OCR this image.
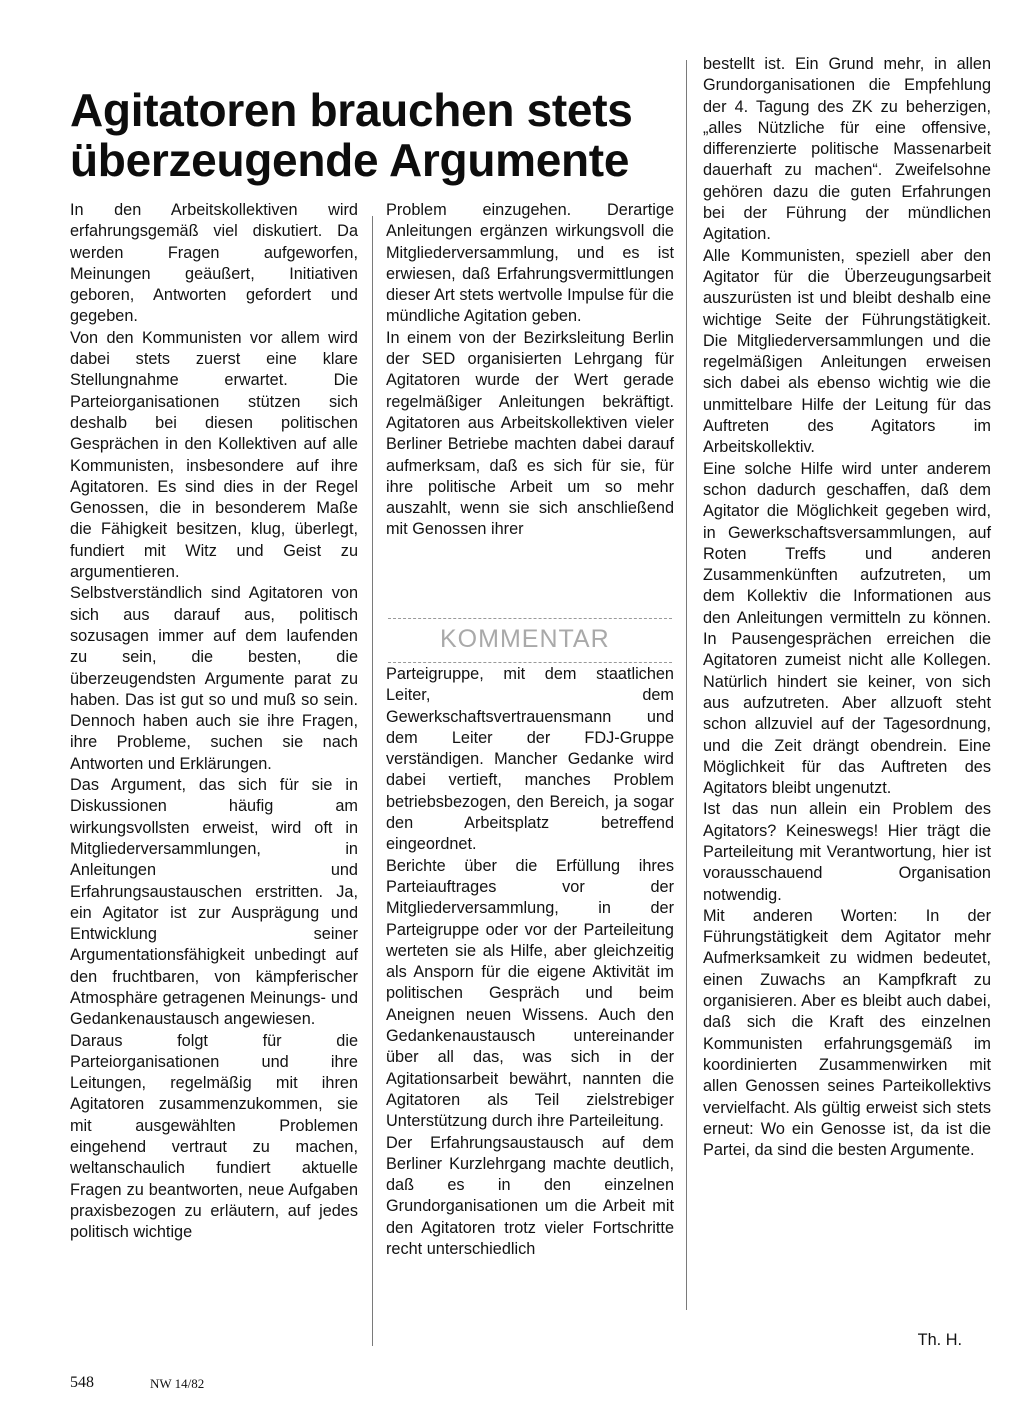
Agitatoren brauchen stets
überzeugende Argumente

In den Arbeitskollektiven wird erfahrungsgemäß viel diskutiert. Da werden Fragen aufgeworfen, Meinungen geäußert, Initiativen geboren, Antworten gefordert und gegeben.

Von den Kommunisten vor allem wird dabei stets zuerst eine klare Stellungnahme erwartet. Die Parteiorganisationen stützen sich deshalb bei diesen politischen Gesprächen in den Kollektiven auf alle Kommunisten, insbesondere auf ihre Agitatoren. Es sind dies in der Regel Genossen, die in besonderem Maße die Fähigkeit besitzen, klug, überlegt, fundiert mit Witz und Geist zu argumentieren.

Selbstverständlich sind Agitatoren von sich aus darauf aus, politisch sozusagen immer auf dem laufenden zu sein, die besten, die überzeugendsten Argumente parat zu haben. Das ist gut so und muß so sein. Dennoch haben auch sie ihre Fragen, ihre Probleme, suchen sie nach Antworten und Erklärungen.

Das Argument, das sich für sie in Diskussionen häufig am wirkungsvollsten erweist, wird oft in Mitgliederversammlungen, in Anleitungen und Erfahrungsaustauschen erstritten. Ja, ein Agitator ist zur Ausprägung und Entwicklung seiner Argumentationsfähigkeit unbedingt auf den fruchtbaren, von kämpferischer Atmosphäre getragenen Meinungs- und Gedankenaustausch angewiesen.

Daraus folgt für die Parteiorganisationen und ihre Leitungen, regelmäßig mit ihren Agitatoren zusammenzukommen, sie mit ausgewählten Problemen eingehend vertraut zu machen, weltanschaulich fundiert aktuelle Fragen zu beantworten, neue Aufgaben praxisbezogen zu erläutern, auf jedes politisch wichtige

Problem einzugehen. Derartige Anleitungen ergänzen wirkungsvoll die Mitgliederversammlung, und es ist erwiesen, daß Erfahrungsvermittlungen dieser Art stets wertvolle Impulse für die mündliche Agitation geben.

In einem von der Bezirksleitung Berlin der SED organisierten Lehrgang für Agitatoren wurde der Wert gerade regelmäßiger Anleitungen bekräftigt. Agitatoren aus Arbeitskollektiven vieler Berliner Betriebe machten dabei darauf aufmerksam, daß es sich für sie, für ihre politische Arbeit um so mehr auszahlt, wenn sie sich anschließend mit Genossen ihrer

KOMMENTAR

Parteigruppe, mit dem staatlichen Leiter, dem Gewerkschaftsvertrauensmann und dem Leiter der FDJ-Gruppe verständigen. Mancher Gedanke wird dabei vertieft, manches Problem betriebsbezogen, den Bereich, ja sogar den Arbeitsplatz betreffend eingeordnet.

Berichte über die Erfüllung ihres Parteiauftrages vor der Mitgliederversammlung, in der Parteigruppe oder vor der Parteileitung werteten sie als Hilfe, aber gleichzeitig als Ansporn für die eigene Aktivität im politischen Gespräch und beim Aneignen neuen Wissens. Auch den Gedankenaustausch untereinander über all das, was sich in der Agitationsarbeit bewährt, nannten die Agitatoren als Teil zielstrebiger Unterstützung durch ihre Parteileitung.

Der Erfahrungsaustausch auf dem Berliner Kurzlehrgang machte deutlich, daß es in den einzelnen Grundorganisationen um die Arbeit mit den Agitatoren trotz vieler Fortschritte recht unterschiedlich

bestellt ist. Ein Grund mehr, in allen Grundorganisationen die Empfehlung der 4. Tagung des ZK zu beherzigen, „alles Nützliche für eine offensive, differenzierte politische Massenarbeit dauerhaft zu machen“. Zweifelsohne gehören dazu die guten Erfahrungen bei der Führung der mündlichen Agitation.

Alle Kommunisten, speziell aber den Agitator für die Überzeugungsarbeit auszurüsten ist und bleibt deshalb eine wichtige Seite der Führungstätigkeit. Die Mitgliederversammlungen und die regelmäßigen Anleitungen erweisen sich dabei als ebenso wichtig wie die unmittelbare Hilfe der Leitung für das Auftreten des Agitators im Arbeitskollektiv.

Eine solche Hilfe wird unter anderem schon dadurch geschaffen, daß dem Agitator die Möglichkeit gegeben wird, in Gewerkschaftsversammlungen, auf Roten Treffs und anderen Zusammenkünften aufzutreten, um dem Kollektiv die Informationen aus den Anleitungen vermitteln zu können. In Pausengesprächen erreichen die Agitatoren zumeist nicht alle Kollegen. Natürlich hindert sie keiner, von sich aus aufzutreten. Aber allzuoft steht schon allzuviel auf der Tagesordnung, und die Zeit drängt obendrein. Eine Möglichkeit für das Auftreten des Agitators bleibt ungenutzt.

Ist das nun allein ein Problem des Agitators? Keineswegs! Hier trägt die Parteileitung mit Verantwortung, hier ist vorausschauend Organisation notwendig.

Mit anderen Worten: In der Führungstätigkeit dem Agitator mehr Aufmerksamkeit zu widmen bedeutet, einen Zuwachs an Kampfkraft zu organisieren. Aber es bleibt auch dabei, daß sich die Kraft des einzelnen Kommunisten erfahrungsgemäß im koordinierten Zusammenwirken mit allen Genossen seines Parteikollektivs vervielfacht. Als gültig erweist sich stets erneut: Wo ein Genosse ist, da ist die Partei, da sind die besten Argumente.

Th. H.
548	NW 14/82
